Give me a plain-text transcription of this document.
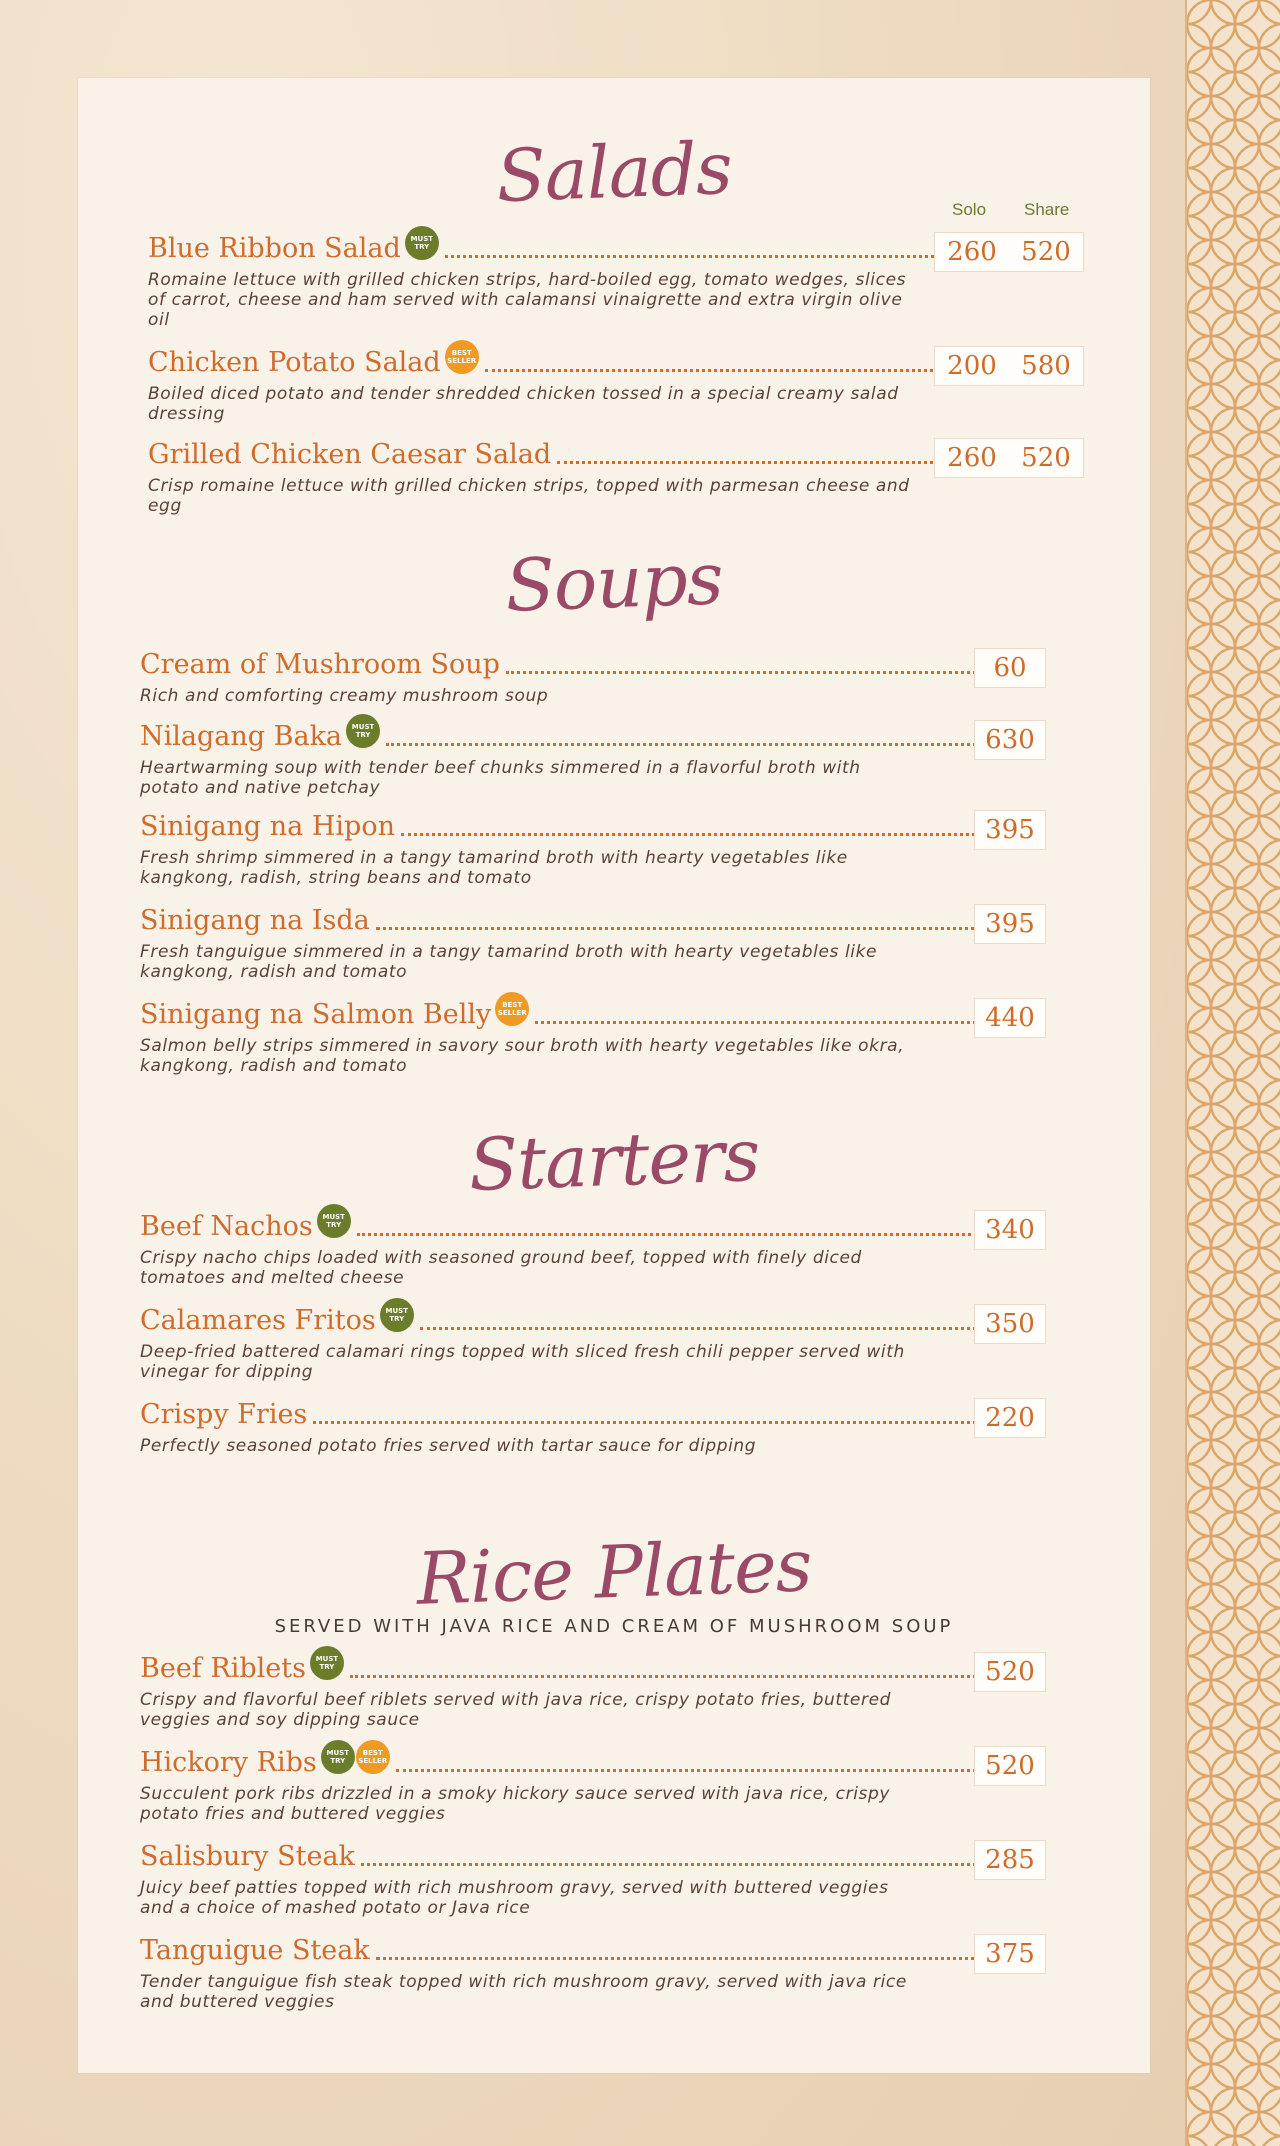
Salads	Solo Share
Blue Ribbon Salad	MUST TRY
Romaine lettuce with grilled chicken strips, hard-boiled egg, tomato wedges, slices of carrot, cheese and ham served with calamansi vinaigrette and extra virgin olive oil
260 520
Chicken Potato Salad	BEST SELLER
Boiled diced potato and tender shredded chicken tossed in a special creamy salad dressing
200 580
Grilled Chicken Caesar Salad
Crisp romaine lettuce with grilled chicken strips, topped with parmesan cheese and egg
260 520
Soups
Cream of Mushroom Soup
Rich and comforting creamy mushroom soup
60
Nilagang Baka	MUST TRY
Heartwarming soup with tender beef chunks simmered in a flavorful broth with potato and native petchay
630
Sinigang na Hipon
Fresh shrimp simmered in a tangy tamarind broth with hearty vegetables like kangkong, radish, string beans and tomato
395
Sinigang na Isda
Fresh tanguigue simmered in a tangy tamarind broth with hearty vegetables like kangkong, radish and tomato
395
Sinigang na Salmon Belly	BEST SELLER
Salmon belly strips simmered in savory sour broth with hearty vegetables like okra, kangkong, radish and tomato
440
Starters
Beef Nachos	MUST TRY
Crispy nacho chips loaded with seasoned ground beef, topped with finely diced tomatoes and melted cheese
340
Calamares Fritos	MUST TRY
Deep-fried battered calamari rings topped with sliced fresh chili pepper served with vinegar for dipping
350
Crispy Fries
Perfectly seasoned potato fries served with tartar sauce for dipping
220
Rice Plates
SERVED WITH JAVA RICE AND CREAM OF MUSHROOM SOUP
Beef Riblets	MUST TRY
Crispy and flavorful beef riblets served with java rice, crispy potato fries, buttered veggies and soy dipping sauce
520
Hickory Ribs	MUST TRY
BEST SELLER
Succulent pork ribs drizzled in a smoky hickory sauce served with java rice, crispy potato fries and buttered veggies
520
Salisbury Steak
Juicy beef patties topped with rich mushroom gravy, served with buttered veggies and a choice of mashed potato or Java rice
285
Tanguigue Steak
Tender tanguigue fish steak topped with rich mushroom gravy, served with java rice and buttered veggies
375
